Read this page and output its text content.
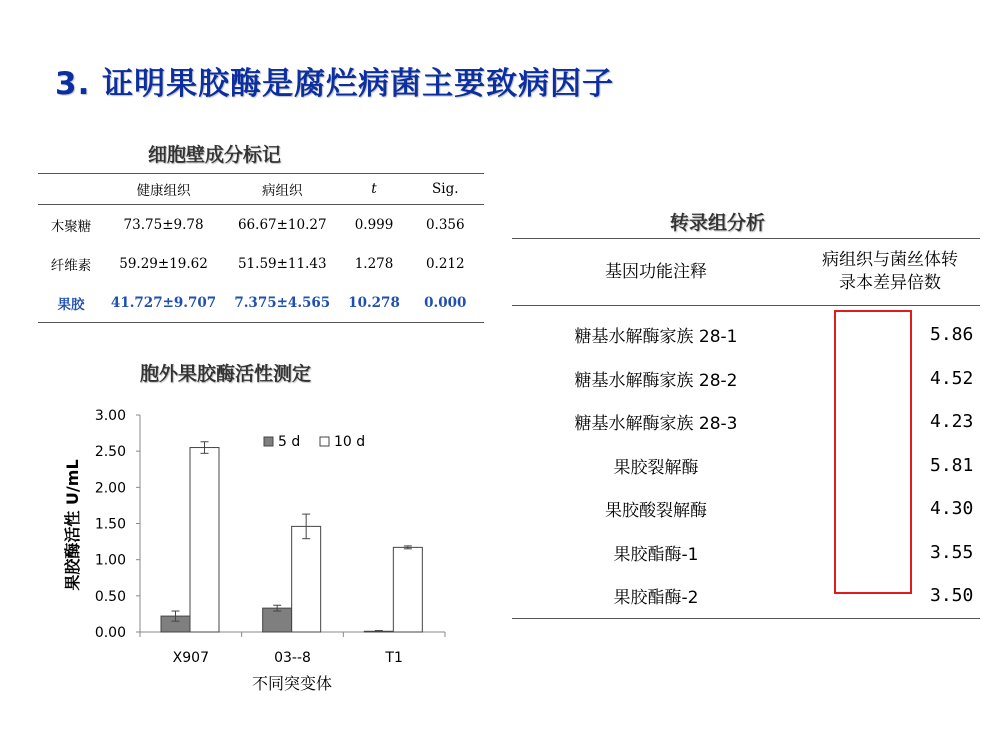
3. 证明果胶酶是腐烂病菌主要致病因子
细胞壁成分标记
	健康组织	病组织	t	Sig.
木聚糖	73.75±9.78	66.67±10.27	0.999	0.356
纤维素	59.29±19.62	51.59±11.43	1.278	0.212
果胶	41.727±9.707	7.375±4.565	10.278	0.000
胞外果胶酶活性测定
0.00
0.50
1.00
1.50
2.00
2.50
3.00
X907	03--8	T1
5 d 10 d
果胶酶活性 U/mL
不同突变体
转录组分析
基因功能注释	病组织与菌丝体转
录本差异倍数

糖基水解酶家族 28-1	5.86
糖基水解酶家族 28-2	4.52
糖基水解酶家族 28-3	4.23
果胶裂解酶	5.81
果胶酸裂解酶	4.30
果胶酯酶-1	3.55
果胶酯酶-2	3.50
